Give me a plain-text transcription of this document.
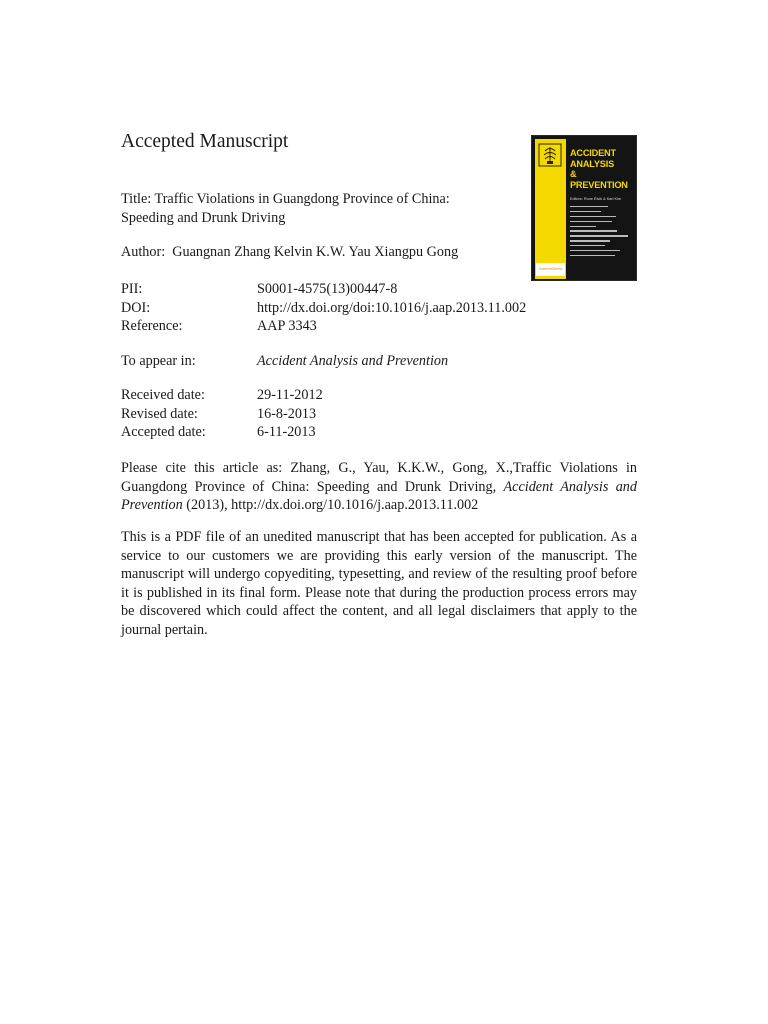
Accepted Manuscript
Title: Traffic Violations in Guangdong Province of China:
Speeding and Drunk Driving
Author: Guangnan Zhang Kelvin K.W. Yau Xiangpu Gong
PII:	S0001-4575(13)00447-8
DOI:	http://dx.doi.org/doi:10.1016/j.aap.2013.11.002
Reference:	AAP 3343
To appear in:	Accident Analysis and Prevention
Received date:	29-11-2012
Revised date:	16-8-2013
Accepted date:	6-11-2013

Please cite this article as: Zhang, G., Yau, K.K.W., Gong, X.,Traffic Violations in Guangdong Province of China: Speeding and Drunk Driving, Accident Analysis and Prevention (2013), http://dx.doi.org/10.1016/j.aap.2013.11.002

This is a PDF file of an unedited manuscript that has been accepted for publication. As a service to our customers we are providing this early version of the manuscript. The manuscript will undergo copyediting, typesetting, and review of the resulting proof before it is published in its final form. Please note that during the production process errors may be discovered which could affect the content, and all legal disclaimers that apply to the journal pertain.

ACCIDENT
ANALYSIS
&
PREVENTION
Editors: Rune Elvik & Karl Kim
ScienceDirect
